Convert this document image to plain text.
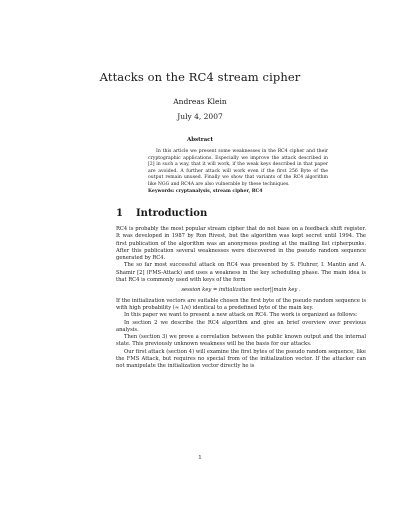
Attacks on the RC4 stream cipher
Andreas Klein
July 4, 2007
Abstract
In this article we present some weaknesses in the RC4 cipher and their cryptographic applications. Especially we improve the attack described in [2] in such a way, that it will work, if the weak keys described in that paper are avoided. A further attack will work even if the first 256 Byte of the output remain unused. Finally we show that variants of the RC4 algorithm like NGG and RC4A are also vulnerable by these techniques.
Keywords: cryptanalysis, stream cipher, RC4
1 Introduction

RC4 is probably the most popular stream cipher that do not base on a feedback shift register. It was developed in 1987 by Ron Rivest, but the algorithm was kept secret until 1994. The first publication of the algorithm was an anonymous posting at the mailing list cipherpunks. After this publication several weaknesses were discovered in the pseudo random sequence generated by RC4.

The so far most successful attack on RC4 was presented by S. Fluhrer, I. Mantin and A. Shamir [2] (FMS-Attack) and uses a weakness in the key scheduling phase. The main idea is that RC4 is commonly used with keys of the form

session key = initialization vector||main key .

If the initialization vectors are suitable chosen the first byte of the pseudo random sequence is with high probability (≈ 1/e) identical to a predefined byte of the main key.

In this paper we want to present a new attack on RC4. The work is organized as follows:

In section 2 we describe the RC4 algorithm and give an brief overview over previous analysis.

Then (section 3) we prove a correlation between the public known output and the internal state. This previously unknown weakness will be the basis for our attacks.

Our first attack (section 4) will examine the first bytes of the pseudo random sequence, like the FMS Attack, but requires no special from of the initialization vector. If the attacker can not manipulate the initialization vector directly he is

1
